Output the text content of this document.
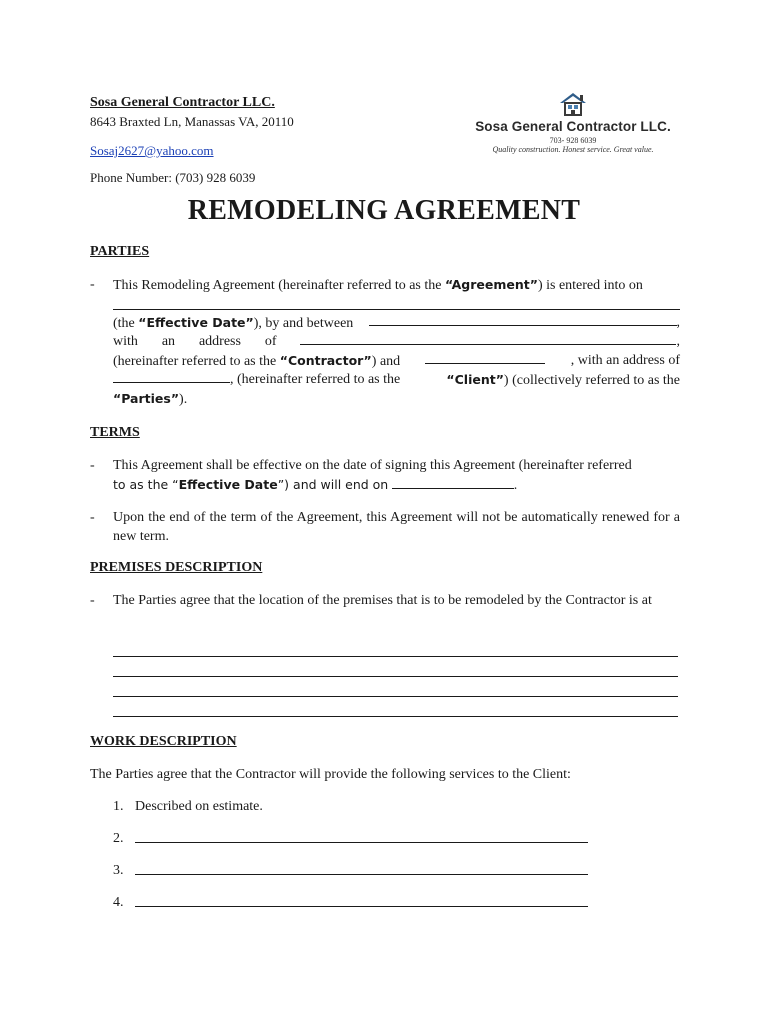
Sosa General Contractor LLC.
8643 Braxted Ln, Manassas VA, 20110
Sosaj2627@yahoo.com
Phone Number: (703) 928 6039
Sosa General Contractor LLC.
703- 928 6039
Quality construction. Honest service. Great value.
REMODELING AGREEMENT
PARTIES
- This Remodeling Agreement (hereinafter referred to as the “Agreement”) is entered into on

(the “Effective Date”), by and between	,

with an address of	,

(hereinafter referred to as the “Contractor”) and	, with an address of

, (hereinafter referred to as the	“Client”) (collectively referred to as the

“Parties”).

TERMS
- This Agreement shall be effective on the date of signing this Agreement (hereinafter referred

to as the “Effective Date”) and will end on	.

- Upon the end of the term of the Agreement, this Agreement will not be automatically renewed for a new term.

PREMISES DESCRIPTION
- The Parties agree that the location of the premises that is to be remodeled by the Contractor is at

WORK DESCRIPTION
The Parties agree that the Contractor will provide the following services to the Client:
1. Described on estimate.
2.
3.
4.
